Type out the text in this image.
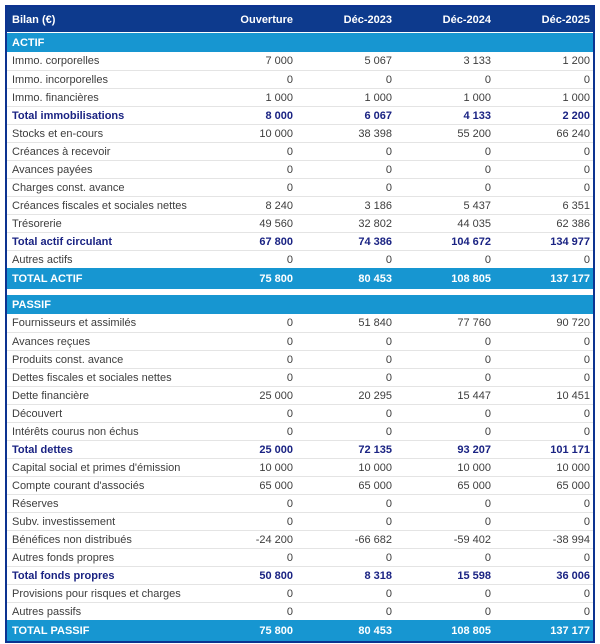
Bilan (€)	Ouverture	Déc-2023	Déc-2024	Déc-2025
ACTIF
Immo. corporelles	7 000	5 067	3 133	1 200
Immo. incorporelles	0	0	0	0
Immo. financières	1 000	1 000	1 000	1 000
Total immobilisations	8 000	6 067	4 133	2 200
Stocks et en-cours	10 000	38 398	55 200	66 240
Créances à recevoir	0	0	0	0
Avances payées	0	0	0	0
Charges const. avance	0	0	0	0
Créances fiscales et sociales nettes	8 240	3 186	5 437	6 351
Trésorerie	49 560	32 802	44 035	62 386
Total actif circulant	67 800	74 386	104 672	134 977
Autres actifs	0	0	0	0
TOTAL ACTIF	75 800	80 453	108 805	137 177
PASSIF
Fournisseurs et assimilés	0	51 840	77 760	90 720
Avances reçues	0	0	0	0
Produits const. avance	0	0	0	0
Dettes fiscales et sociales nettes	0	0	0	0
Dette financière	25 000	20 295	15 447	10 451
Découvert	0	0	0	0
Intérêts courus non échus	0	0	0	0
Total dettes	25 000	72 135	93 207	101 171
Capital social et primes d'émission	10 000	10 000	10 000	10 000
Compte courant d'associés	65 000	65 000	65 000	65 000
Réserves	0	0	0	0
Subv. investissement	0	0	0	0
Bénéfices non distribués	-24 200	-66 682	-59 402	-38 994
Autres fonds propres	0	0	0	0
Total fonds propres	50 800	8 318	15 598	36 006
Provisions pour risques et charges	0	0	0	0
Autres passifs	0	0	0	0
TOTAL PASSIF	75 800	80 453	108 805	137 177
